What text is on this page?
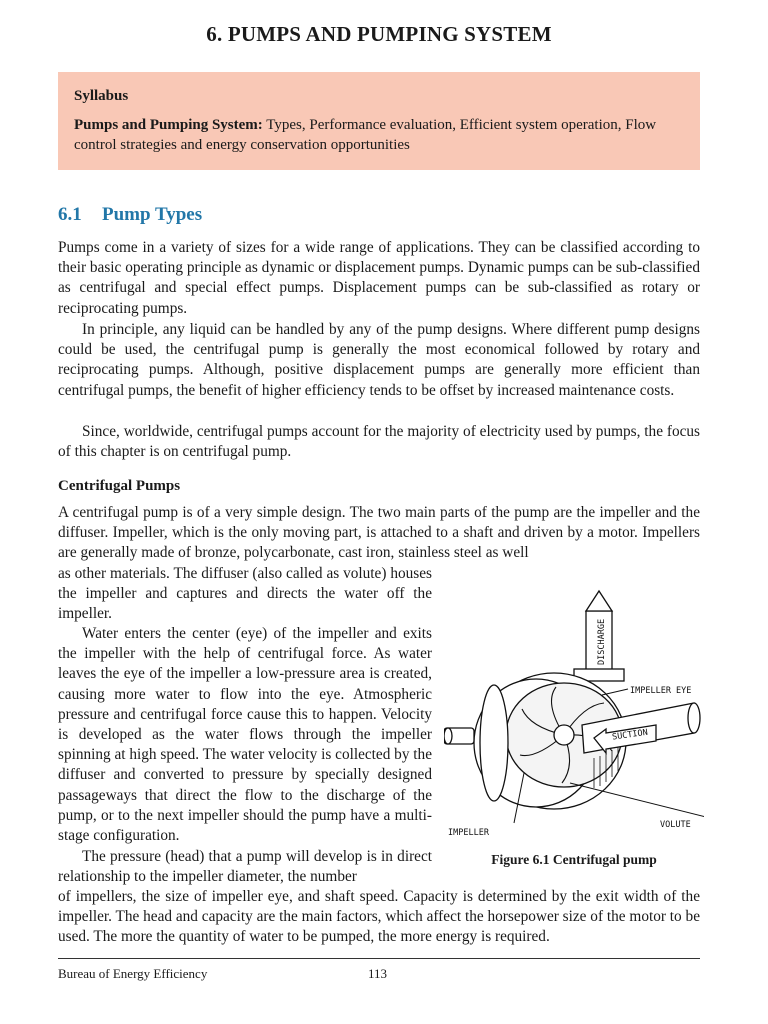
6. PUMPS AND PUMPING SYSTEM
Syllabus
Pumps and Pumping System: Types, Performance evaluation, Efficient system operation, Flow control strategies and energy conservation opportunities
6.1 Pump Types

Pumps come in a variety of sizes for a wide range of applications. They can be classified according to their basic operating principle as dynamic or displacement pumps. Dynamic pumps can be sub-classified as centrifugal and special effect pumps. Displacement pumps can be sub-classified as rotary or reciprocating pumps.

In principle, any liquid can be handled by any of the pump designs. Where different pump designs could be used, the centrifugal pump is generally the most economical followed by rotary and reciprocating pumps. Although, positive displacement pumps are generally more efficient than centrifugal pumps, the benefit of higher efficiency tends to be offset by increased maintenance costs.

Since, worldwide, centrifugal pumps account for the majority of electricity used by pumps, the focus of this chapter is on centrifugal pump.

Centrifugal Pumps

A centrifugal pump is of a very simple design. The two main parts of the pump are the impeller and the diffuser. Impeller, which is the only moving part, is attached to a shaft and driven by a motor. Impellers are generally made of bronze, polycarbonate, cast iron, stainless steel as well

as other materials. The diffuser (also called as volute) houses the impeller and captures and directs the water off the impeller.

Water enters the center (eye) of the impeller and exits the impeller with the help of centrifugal force. As water leaves the eye of the impeller a low-pressure area is created, causing more water to flow into the eye. Atmospheric pressure and centrifugal force cause this to happen. Velocity is developed as the water flows through the impeller spinning at high speed. The water velocity is collected by the diffuser and converted to pressure by specially designed passageways that direct the flow to the discharge of the pump, or to the next impeller should the pump have a multi-stage configuration.

The pressure (head) that a pump will develop is in direct relationship to the impeller diameter, the number

of impellers, the size of impeller eye, and shaft speed. Capacity is determined by the exit width of the impeller. The head and capacity are the main factors, which affect the horsepower size of the motor to be used. The more the quantity of water to be pumped, the more energy is required.

DISCHARGE
IMPELLER EYE
SUCTION
IMPELLER
VOLUTE
Figure 6.1 Centrifugal pump
Bureau of Energy Efficiency	113
